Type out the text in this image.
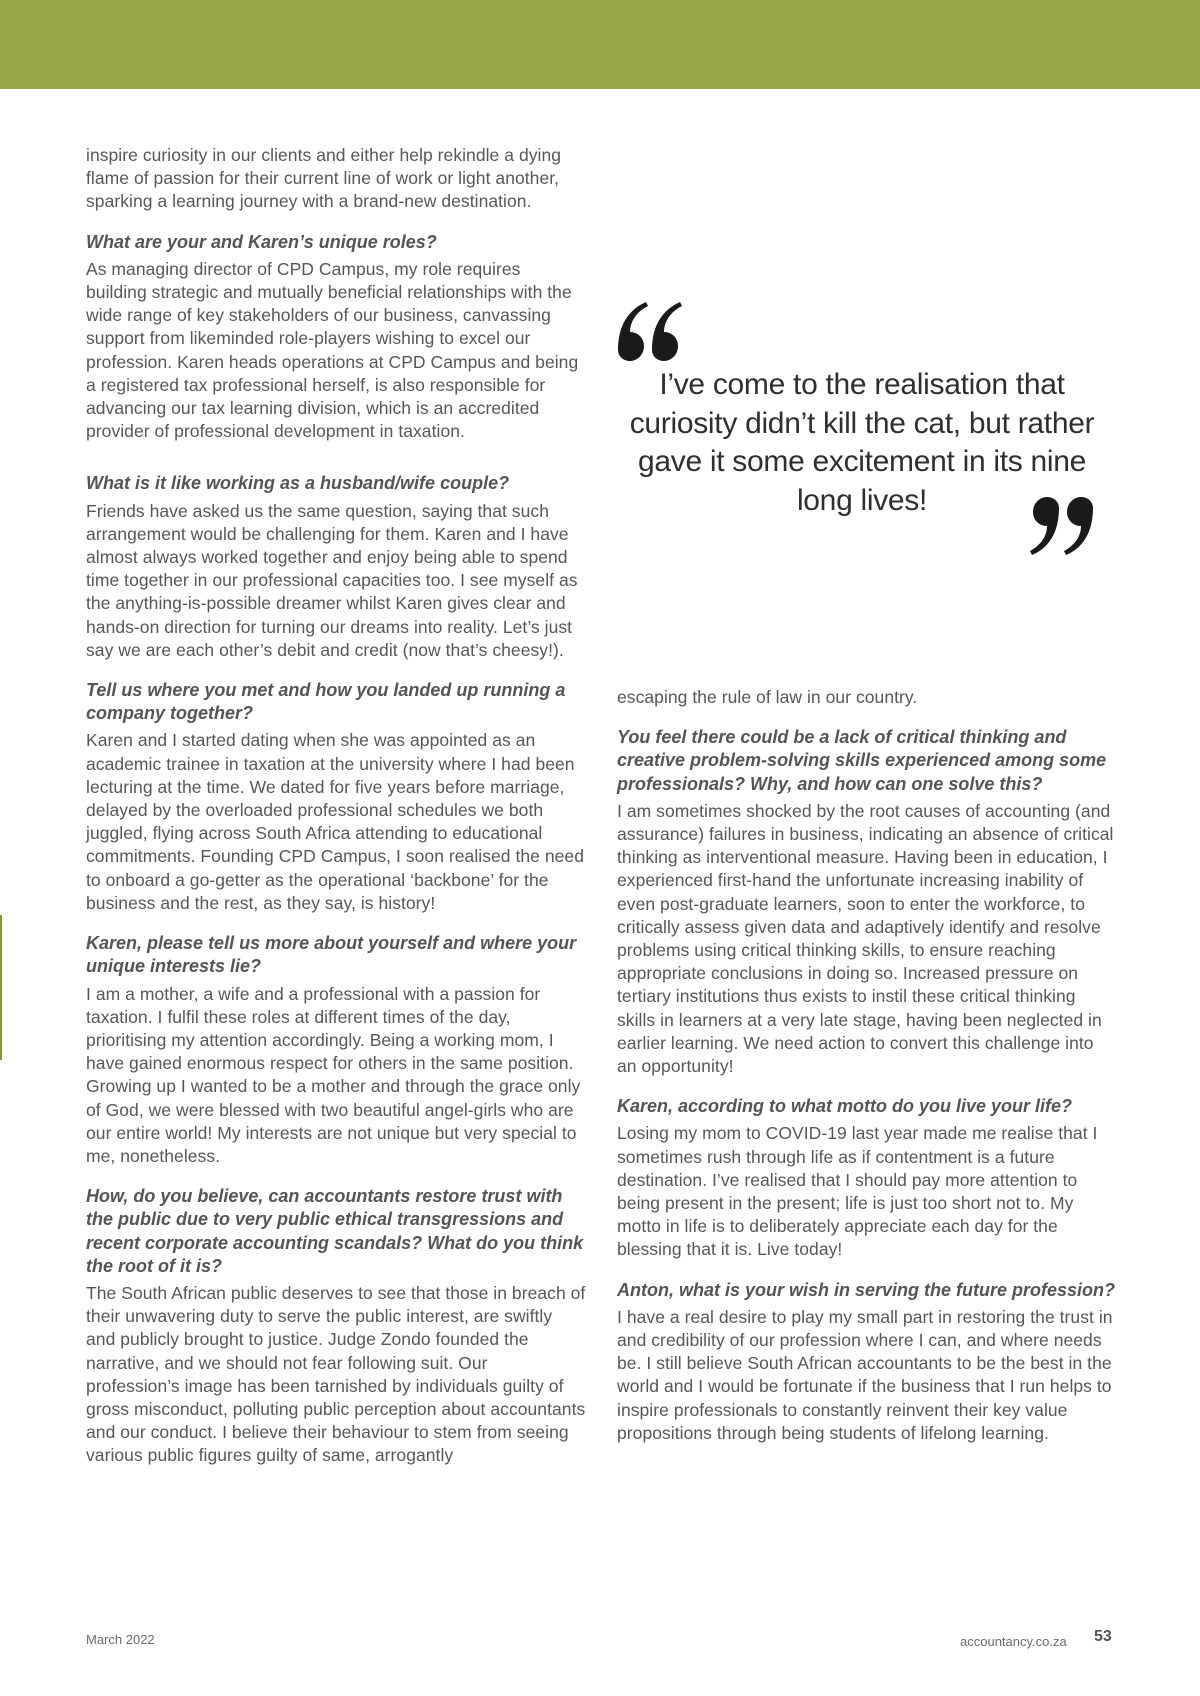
inspire curiosity in our clients and either help rekindle a dying flame of passion for their current line of work or light another, sparking a learning journey with a brand-new destination.

What are your and Karen’s unique roles?

As managing director of CPD Campus, my role requires building strategic and mutually beneficial relationships with the wide range of key stakeholders of our business, canvassing support from likeminded role-players wishing to excel our profession. Karen heads operations at CPD Campus and being a registered tax professional herself, is also responsible for advancing our tax learning division, which is an accredited provider of professional development in taxation.

What is it like working as a husband/wife couple?

Friends have asked us the same question, saying that such arrangement would be challenging for them. Karen and I have almost always worked together and enjoy being able to spend time together in our professional capacities too. I see myself as the anything-is-possible dreamer whilst Karen gives clear and hands-on direction for turning our dreams into reality. Let’s just say we are each other’s debit and credit (now that’s cheesy!).

Tell us where you met and how you landed up running a company together?

Karen and I started dating when she was appointed as an academic trainee in taxation at the university where I had been lecturing at the time. We dated for five years before marriage, delayed by the overloaded professional schedules we both juggled, flying across South Africa attending to educational commitments. Founding CPD Campus, I soon realised the need to onboard a go-getter as the operational ‘backbone’ for the business and the rest, as they say, is history!

Karen, please tell us more about yourself and where your unique interests lie?

I am a mother, a wife and a professional with a passion for taxation. I fulfil these roles at different times of the day, prioritising my attention accordingly. Being a working mom, I have gained enormous respect for others in the same position. Growing up I wanted to be a mother and through the grace only of God, we were blessed with two beautiful angel-girls who are our entire world! My interests are not unique but very special to me, nonetheless.

How, do you believe, can accountants restore trust with the public due to very public ethical transgressions and recent corporate accounting scandals? What do you think the root of it is?

The South African public deserves to see that those in breach of their unwavering duty to serve the public interest, are swiftly and publicly brought to justice. Judge Zondo founded the narrative, and we should not fear following suit. Our profession’s image has been tarnished by individuals guilty of gross misconduct, polluting public perception about accountants and our conduct. I believe their behaviour to stem from seeing various public figures guilty of same, arrogantly

I’ve come to the realisation that curiosity didn’t kill the cat, but rather gave it some excitement in its nine long lives!

escaping the rule of law in our country.

You feel there could be a lack of critical thinking and creative problem-solving skills experienced among some professionals? Why, and how can one solve this?

I am sometimes shocked by the root causes of accounting (and assurance) failures in business, indicating an absence of critical thinking as interventional measure. Having been in education, I experienced first-hand the unfortunate increasing inability of even post-graduate learners, soon to enter the workforce, to critically assess given data and adaptively identify and resolve problems using critical thinking skills, to ensure reaching appropriate conclusions in doing so. Increased pressure on tertiary institutions thus exists to instil these critical thinking skills in learners at a very late stage, having been neglected in earlier learning. We need action to convert this challenge into an opportunity!

Karen, according to what motto do you live your life?

Losing my mom to COVID-19 last year made me realise that I sometimes rush through life as if contentment is a future destination. I’ve realised that I should pay more attention to being present in the present; life is just too short not to. My motto in life is to deliberately appreciate each day for the blessing that it is. Live today!

Anton, what is your wish in serving the future profession?

I have a real desire to play my small part in restoring the trust in and credibility of our profession where I can, and where needs be. I still believe South African accountants to be the best in the world and I would be fortunate if the business that I run helps to inspire professionals to constantly reinvent their key value propositions through being students of lifelong learning.

March 2022	accountancy.co.za 53
